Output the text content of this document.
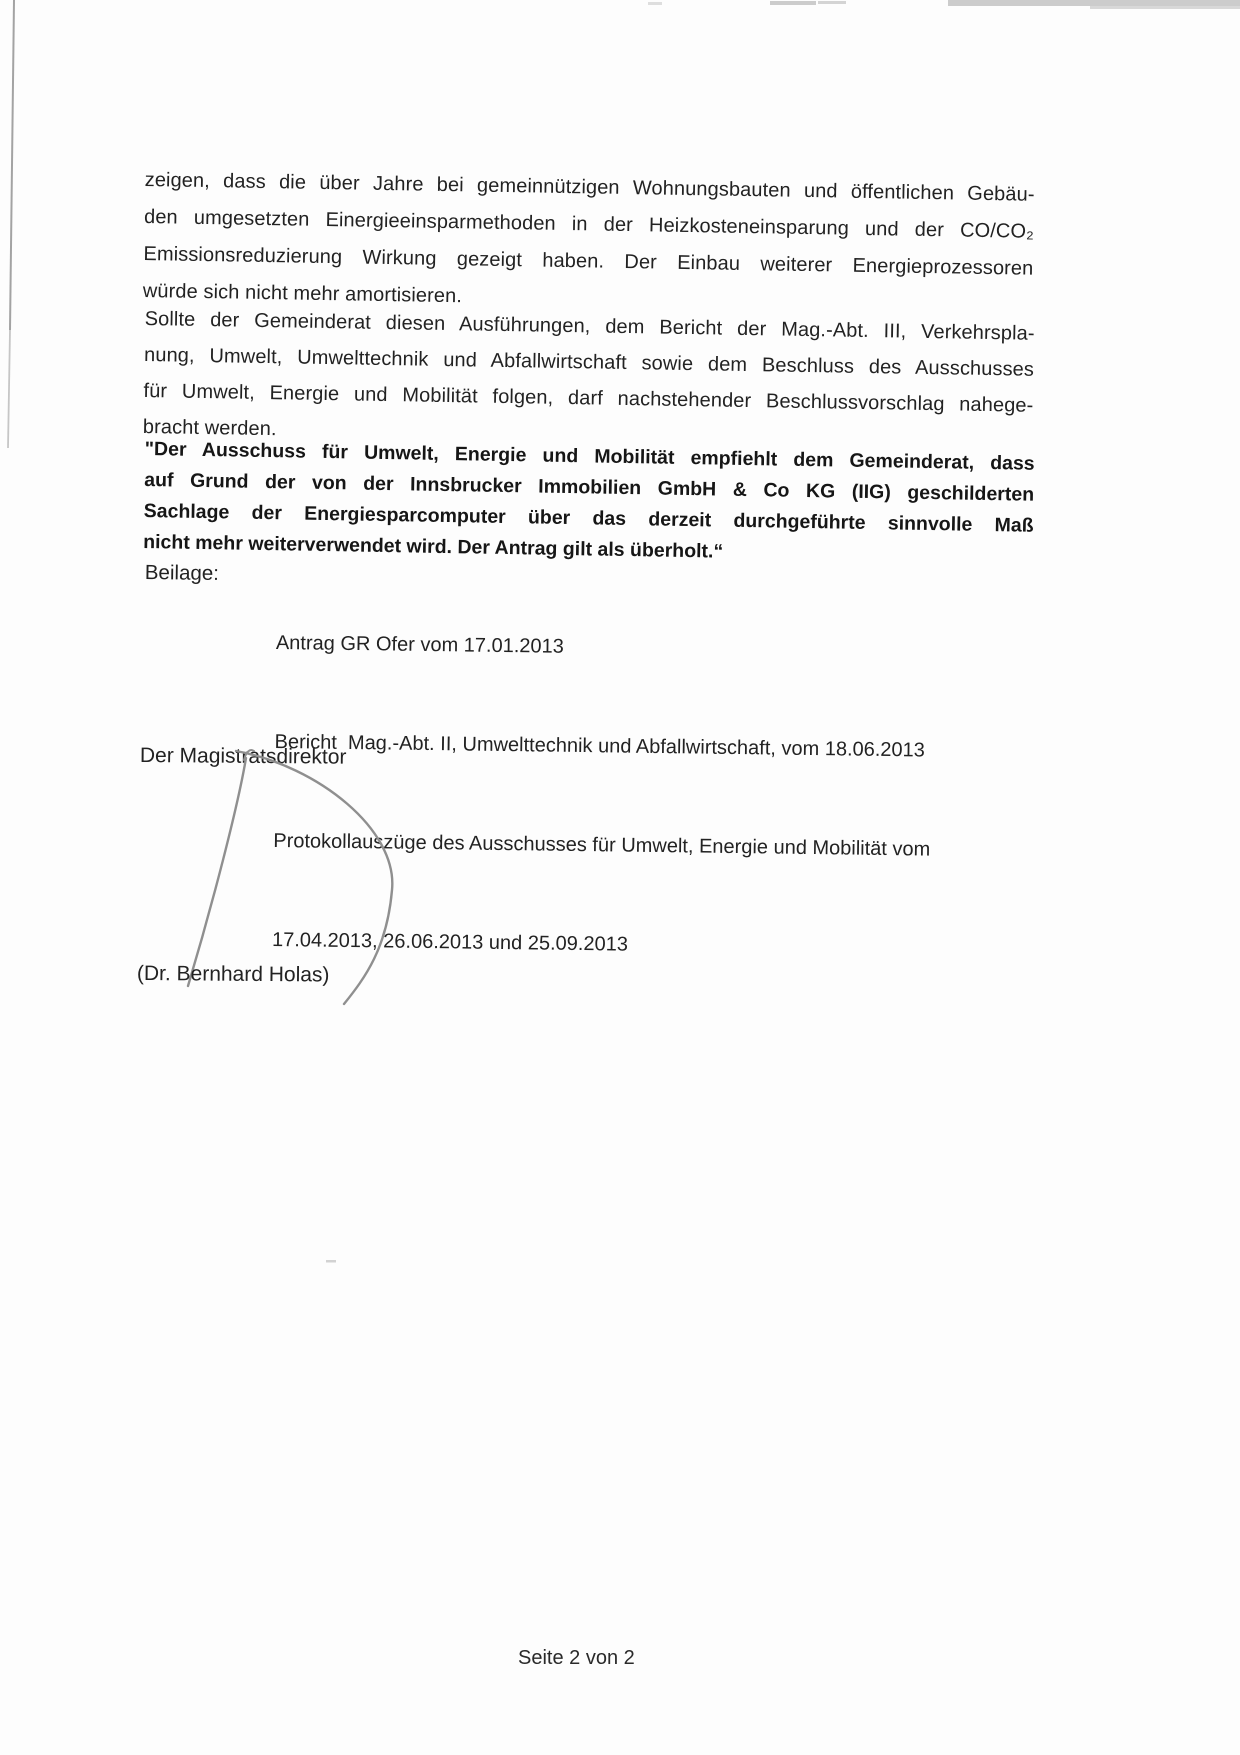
zeigen, dass die über Jahre bei gemeinnützigen Wohnungsbauten und öffentlichen Gebäu-
den umgesetzten Einergieeinsparmethoden in der Heizkosteneinsparung und der CO/CO₂
Emissionsreduzierung Wirkung gezeigt haben. Der Einbau weiterer Energieprozessoren
würde sich nicht mehr amortisieren.
Sollte der Gemeinderat diesen Ausführungen, dem Bericht der Mag.-Abt. III, Verkehrspla-
nung, Umwelt, Umwelttechnik und Abfallwirtschaft sowie dem Beschluss des Ausschusses
für Umwelt, Energie und Mobilität folgen, darf nachstehender Beschlussvorschlag nahege-
bracht werden.
"Der Ausschuss für Umwelt, Energie und Mobilität empfiehlt dem Gemeinderat, dass
auf Grund der von der Innsbrucker Immobilien GmbH & Co KG (IIG) geschilderten
Sachlage der Energiesparcomputer über das derzeit durchgeführte sinnvolle Maß
nicht mehr weiterverwendet wird. Der Antrag gilt als überholt.“
Beilage:

Antrag GR Ofer vom 17.01.2013

Bericht  Mag.-Abt. II, Umwelttechnik und Abfallwirtschaft, vom 18.06.2013

Protokollauszüge des Ausschusses für Umwelt, Energie und Mobilität vom

17.04.2013, 26.06.2013 und 25.09.2013

Der Magistratsdirektor
(Dr. Bernhard Holas)
Seite 2 von 2
